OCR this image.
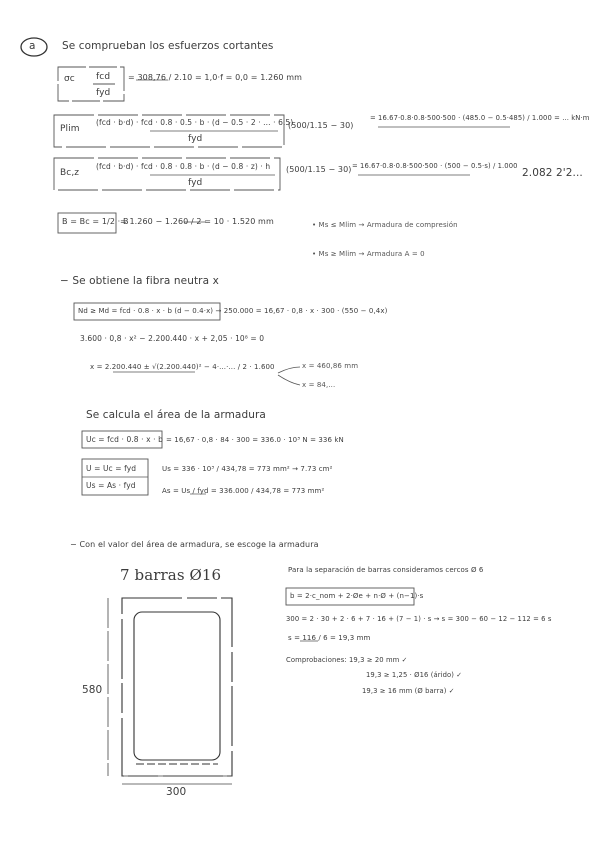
a	Se comprueban los esfuerzos cortantes
σc fcd
fyd
= 308,76 / 2.10 = 1,0·f = 0,0 = 1.260 mm
Ρlim
(fcd · b·d) · fcd · 0.8 · 0.5 · b · (d − 0.5 · 2 · ... · 6.5)
fyd
(500/1.15 − 30)
= 16.67·0.8·0.8·500·500 · (485.0 − 0.5·485) / 1.000 = ... kN·m
Bc,z
(fcd · b·d) · fcd · 0.8 · 0.8 · b · (d − 0.8 · z) · h
fyd
(500/1.15 − 30) = 16.67·0.8·0.8·500·500 · (500 − 0.5·s) / 1.000
2.082 2'2...
B = Bc = 1/2 · B
= 1.260 − 1.260 / 2 = 10 · 1.520 mm	• Ms ≤ Mlim → Armadura de compresión
• Ms ≥ Mlim → Armadura A = 0
− Se obtiene la fibra neutra x
Nd ≥ Md = fcd · 0.8 · x · b (d − 0.4·x) → 250.000 = 16,67 · 0,8 · x · 300 · (550 − 0,4x)
3.600 · 0,8 · x² − 2.200.440 · x + 2,05 · 10⁸ = 0
x = 2.200.440 ± √(2.200.440)² − 4·...·... / 2 · 1.600	x = 460,86 mm
x = 84,...
Se calcula el área de la armadura
Uc = fcd · 0.8 · x · b = 16,67 · 0,8 · 84 · 300 = 336.0 · 10³ N = 336 kN
U = Uc = fyd	Us = 336 · 10³ / 434,78 = 773 mm² → 7.73 cm²
Us = As · fyd
As = Us / fyd = 336.000 / 434,78 = 773 mm²
− Con el valor del área de armadura, se escoge la armadura
7 barras Ø16
580
300
Para la separación de barras consideramos cercos Ø 6
b = 2·c_nom + 2·Øe + n·Ø + (n−1)·s
300 = 2 · 30 + 2 · 6 + 7 · 16 + (7 − 1) · s → s = 300 − 60 − 12 − 112 = 6 s
s = 116 / 6 = 19,3 mm
Comprobaciones: 19,3 ≥ 20 mm ✓
19,3 ≥ 1,25 · Ø16 (árido) ✓
19,3 ≥ 16 mm (Ø barra) ✓
